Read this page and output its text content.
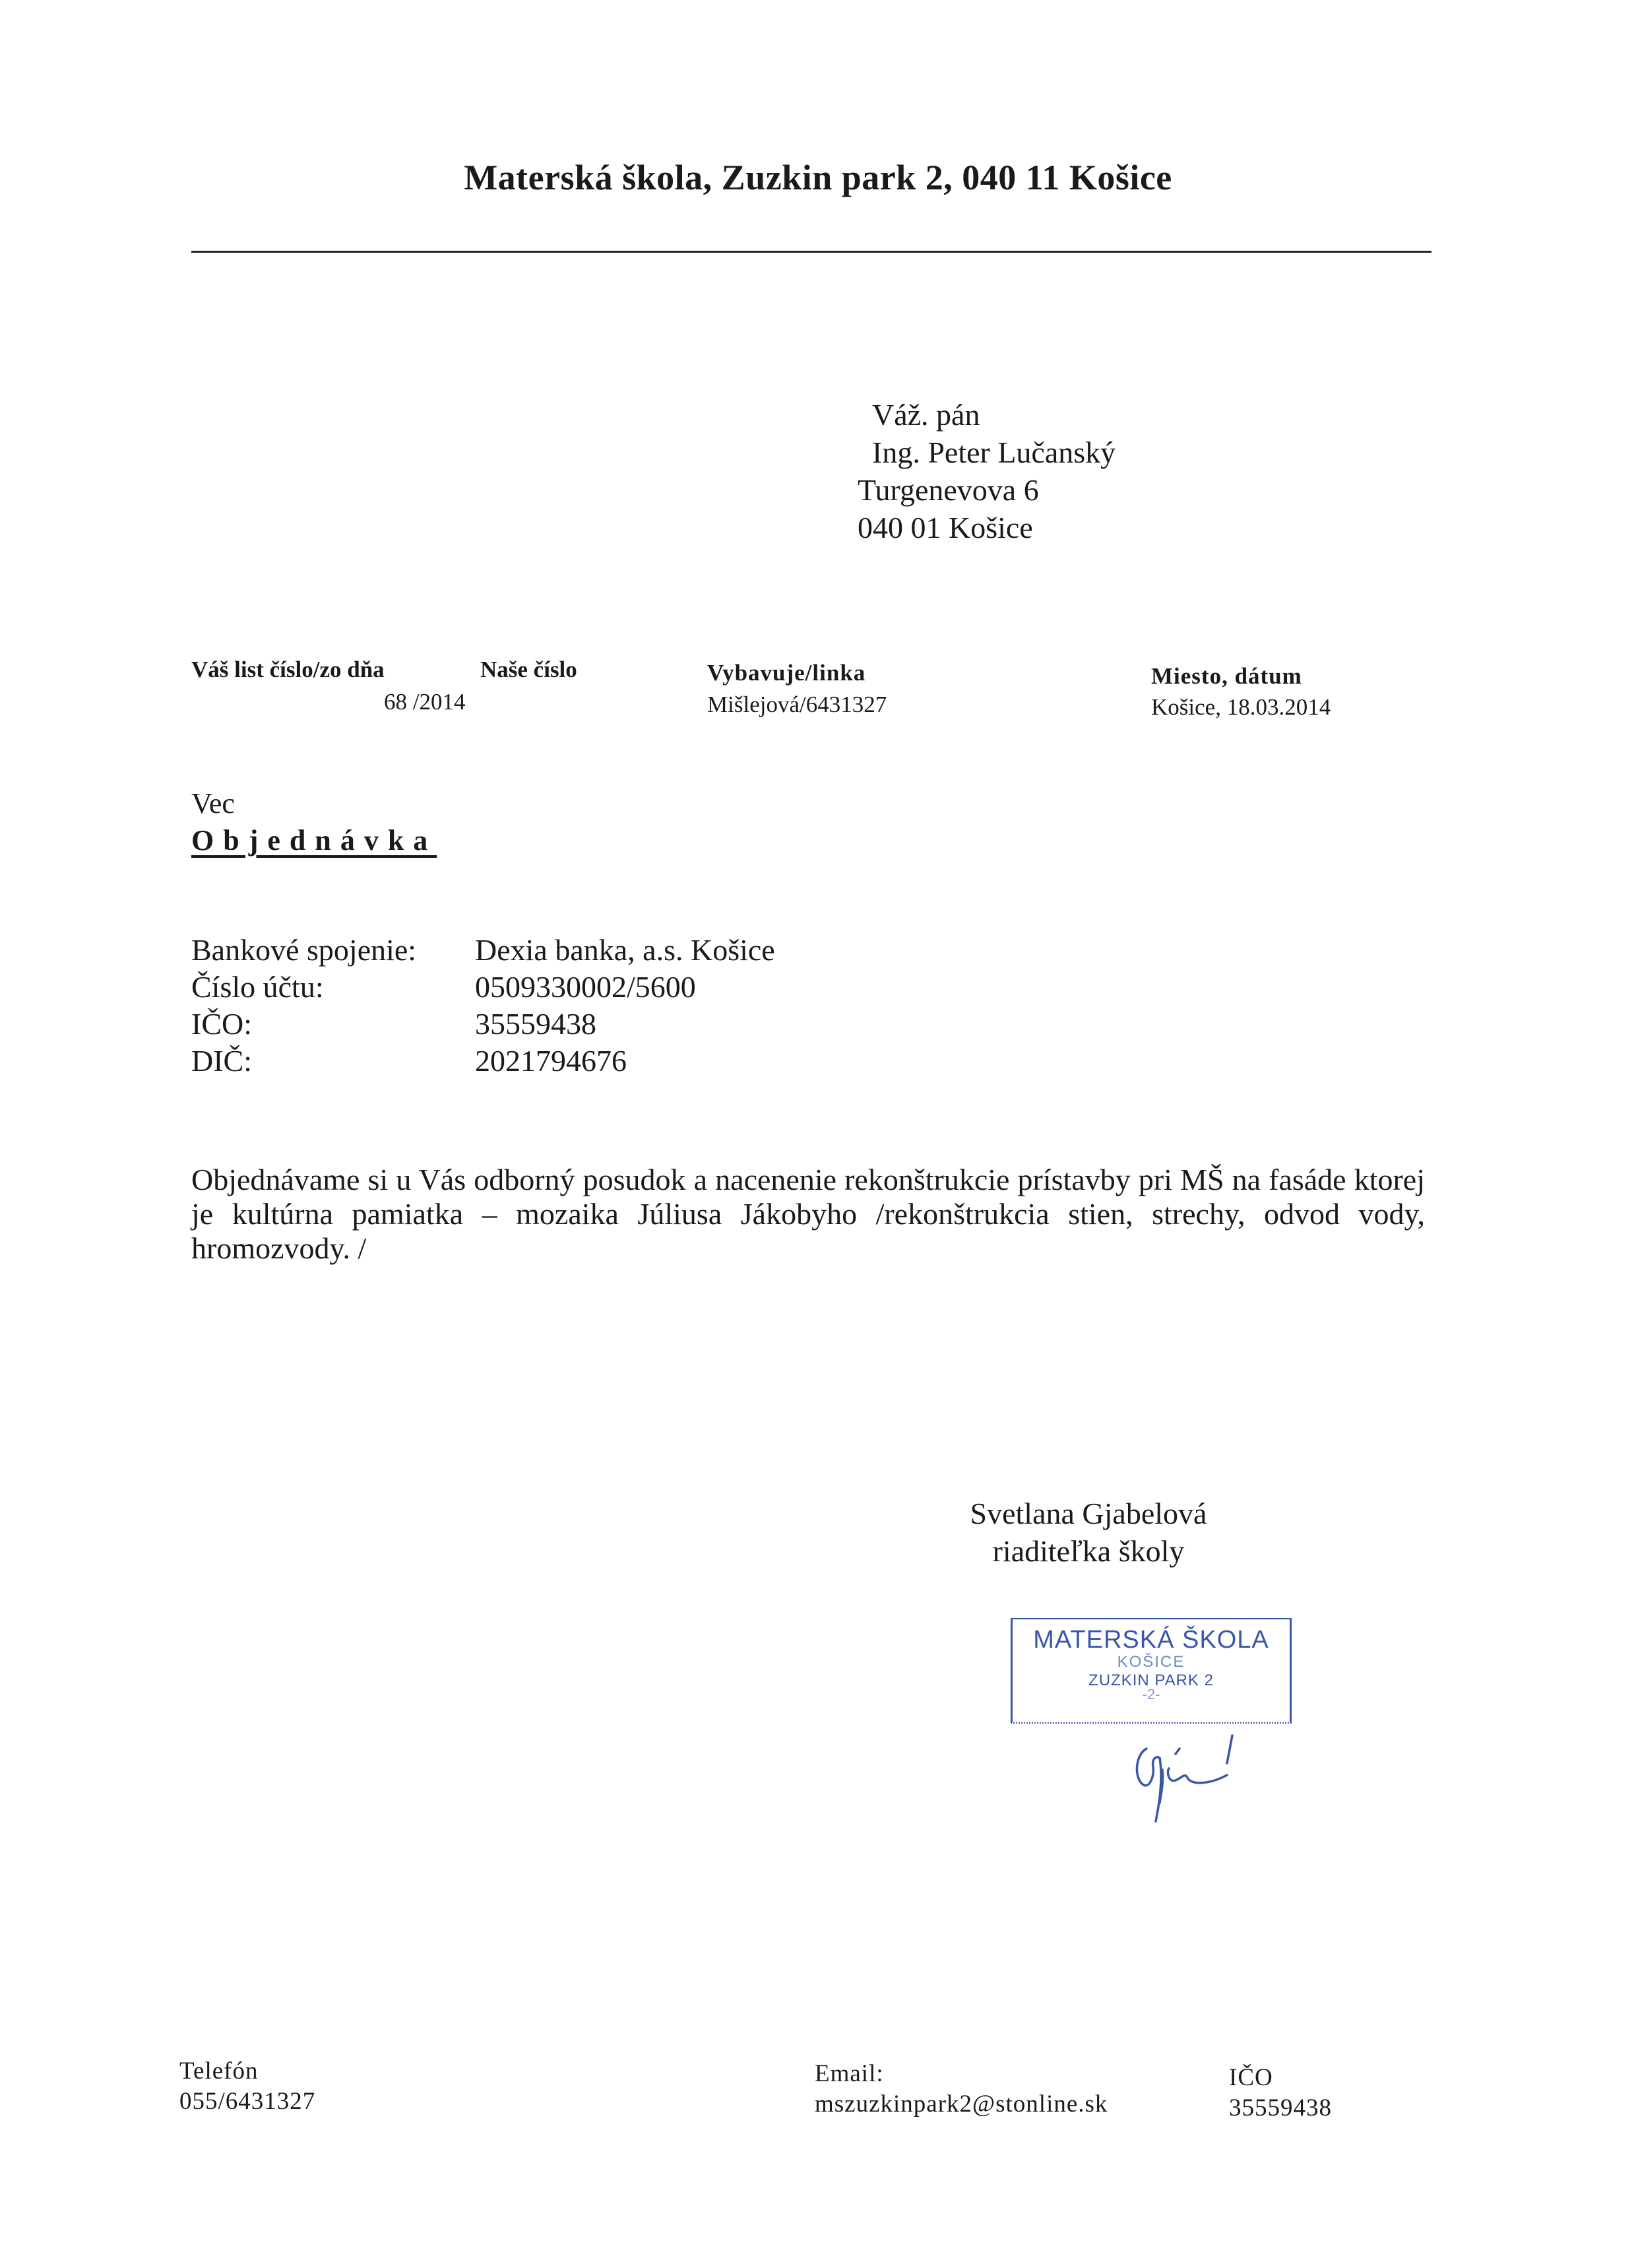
Materská škola, Zuzkin park 2, 040 11 Košice
Váž. pán
Ing. Peter Lučanský
Turgenevova 6
040 01 Košice
Váš list číslo/zo dňa	Naše číslo
68 /2014
Vybavuje/linka
Mišlejová/6431327
Miesto, dátum
Košice, 18.03.2014
Vec
Objednávka
Bankové spojenie:	Dexia banka, a.s. Košice
Číslo účtu:	0509330002/5600
IČO:	35559438
DIČ:	2021794676
Objednávame si u Vás odborný posudok a nacenenie rekonštrukcie prístavby pri MŠ na fasáde ktorej je kultúrna pamiatka – mozaika Júliusa Jákobyho /rekonštrukcia stien, strechy, odvod vody, hromozvody. /
Svetlana Gjabelová
riaditeľka školy
MATERSKÁ ŠKOLA
KOŠICE
ZUZKIN PARK 2
-2-
Telefón
055/6431327
Email:
mszuzkinpark2@stonline.sk
IČO
35559438
